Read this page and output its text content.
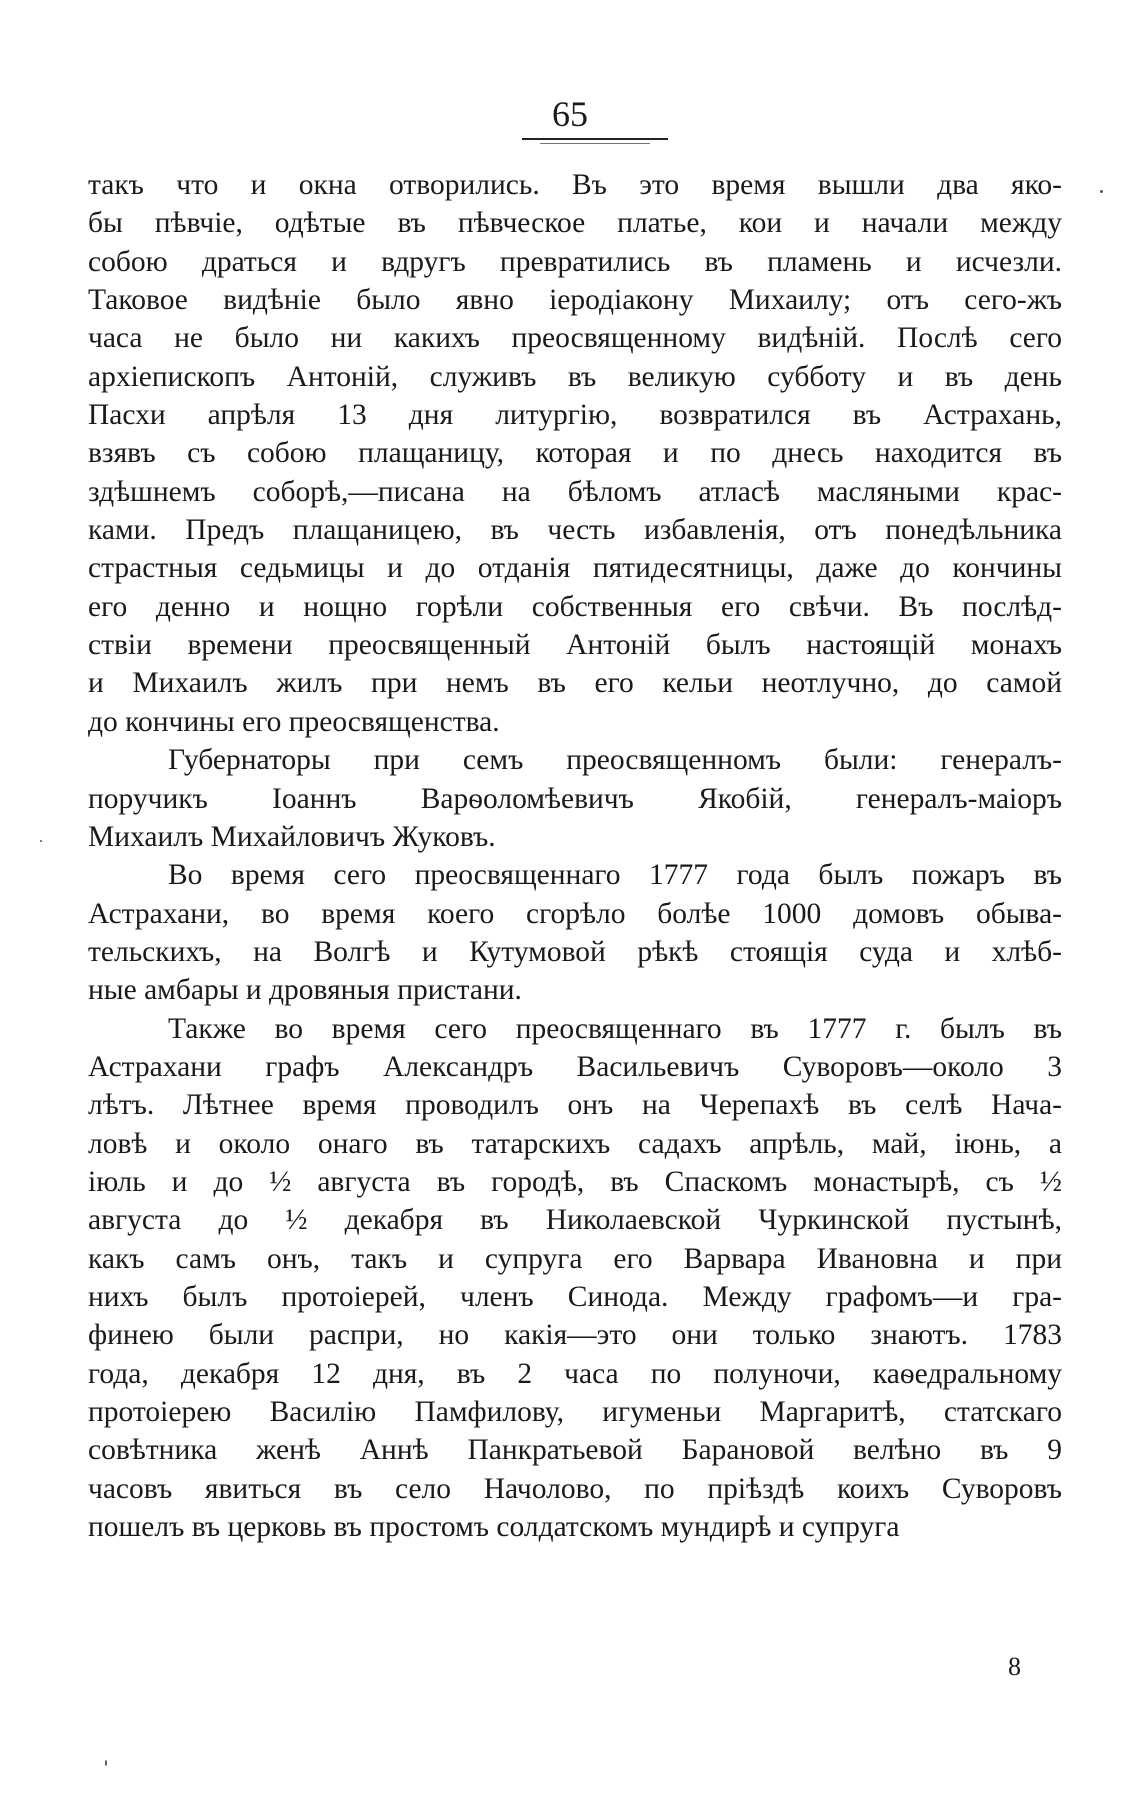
65
такъ что и окна отворились. Въ это время вышли два яко-
бы пѣвчіе, одѣтые въ пѣвческое платье, кои и начали между
собою драться и вдругъ превратились въ пламень и исчезли.
Таковое видѣніе было явно іеродіакону Михаилу; отъ сего-жъ
часа не было ни какихъ преосвященному видѣній. Послѣ сего
архіепископъ Антоній, служивъ въ великую субботу и въ день
Пасхи апрѣля 13 дня литургію, возвратился въ Астрахань,
взявъ съ собою плащаницу, которая и по днесь находится въ
здѣшнемъ соборѣ,—писана на бѣломъ атласѣ масляными крас-
ками. Предъ плащаницею, въ честь избавленія, отъ понедѣльника
страстныя седьмицы и до отданія пятидесятницы, даже до кончины
его денно и нощно горѣли собственныя его свѣчи. Въ послѣд-
ствіи времени преосвященный Антоній былъ настоящій монахъ
и Михаилъ жилъ при немъ въ его кельи неотлучно, до самой
до кончины его преосвященства.
Губернаторы при семъ преосвященномъ были: генералъ-
поручикъ Іоаннъ Варѳоломѣевичъ Якобій, генералъ-маіоръ
Михаилъ Михайловичъ Жуковъ.
Во время сего преосвященнаго 1777 года былъ пожаръ въ
Астрахани, во время коего сгорѣло болѣе 1000 домовъ обыва-
тельскихъ, на Волгѣ и Кутумовой рѣкѣ стоящія суда и хлѣб-
ные амбары и дровяныя пристани.
Также во время сего преосвященнаго въ 1777 г. былъ въ
Астрахани графъ Александръ Васильевичъ Суворовъ—около 3
лѣтъ. Лѣтнее время проводилъ онъ на Черепахѣ въ селѣ Нача-
ловѣ и около онаго въ татарскихъ садахъ апрѣль, май, іюнь, а
іюль и до ½ августа въ городѣ, въ Спаскомъ монастырѣ, съ ½
августа до ½ декабря въ Николаевской Чуркинской пустынѣ,
какъ самъ онъ, такъ и супруга его Варвара Ивановна и при
нихъ былъ протоіерей, членъ Синода. Между графомъ—и гра-
финею были распри, но какія—это они только знаютъ. 1783
года, декабря 12 дня, въ 2 часа по полуночи, каѳедральному
протоіерею Василію Памфилову, игуменьи Маргаритѣ, статскаго
совѣтника женѣ Аннѣ Панкратьевой Барановой велѣно въ 9
часовъ явиться въ село Начолово, по пріѣздѣ коихъ Суворовъ
пошелъ въ церковь въ простомъ солдатскомъ мундирѣ и супруга
8
